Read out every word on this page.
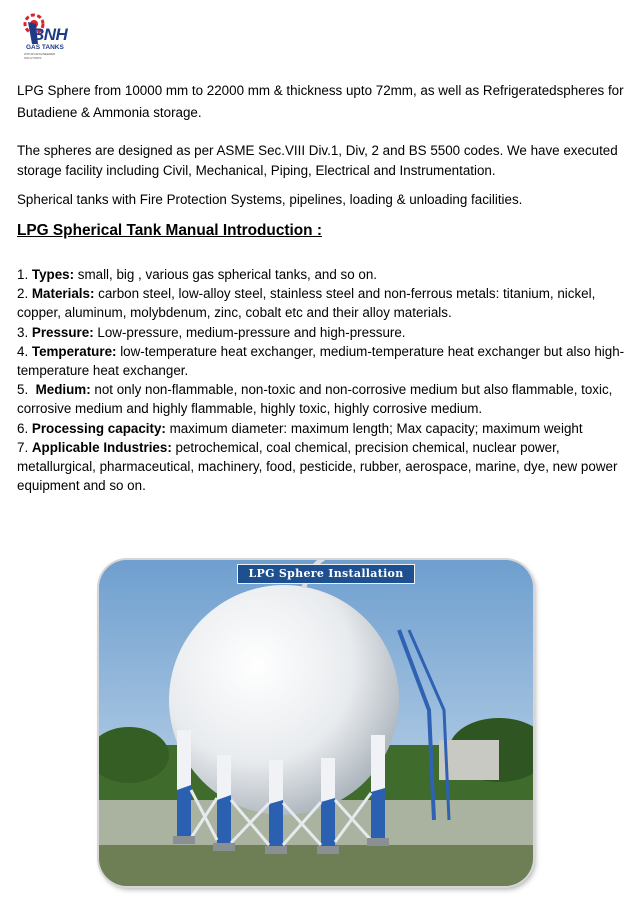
BNH
GAS TANKS
WITHIN ENGINEERED SOLUTIONS
LPG Sphere from 10000 mm to 22000 mm & thickness upto 72mm, as well as Refrigeratedspheres for Butadiene & Ammonia storage.
The spheres are designed as per ASME Sec.VIII Div.1, Div, 2 and BS 5500 codes. We have executed storage facility including Civil, Mechanical, Piping, Electrical and Instrumentation.
Spherical tanks with Fire Protection Systems, pipelines, loading & unloading facilities.
LPG Spherical Tank Manual Introduction :
1. Types: small, big , various gas spherical tanks, and so on.
2. Materials: carbon steel, low-alloy steel, stainless steel and non-ferrous metals: titanium, nickel, copper, aluminum, molybdenum, zinc, cobalt etc and their alloy materials.
3. Pressure: Low-pressure, medium-pressure and high-pressure.
4. Temperature: low-temperature heat exchanger, medium-temperature heat exchanger but also high-temperature heat exchanger.
5.  Medium: not only non-flammable, non-toxic and non-corrosive medium but also flammable, toxic, corrosive medium and highly flammable, highly toxic, highly corrosive medium.
6. Processing capacity: maximum diameter: maximum length; Max capacity; maximum weight
7. Applicable Industries: petrochemical, coal chemical, precision chemical, nuclear power, metallurgical, pharmaceutical, machinery, food, pesticide, rubber, aerospace, marine, dye, new power equipment and so on.
LPG Sphere Installation
